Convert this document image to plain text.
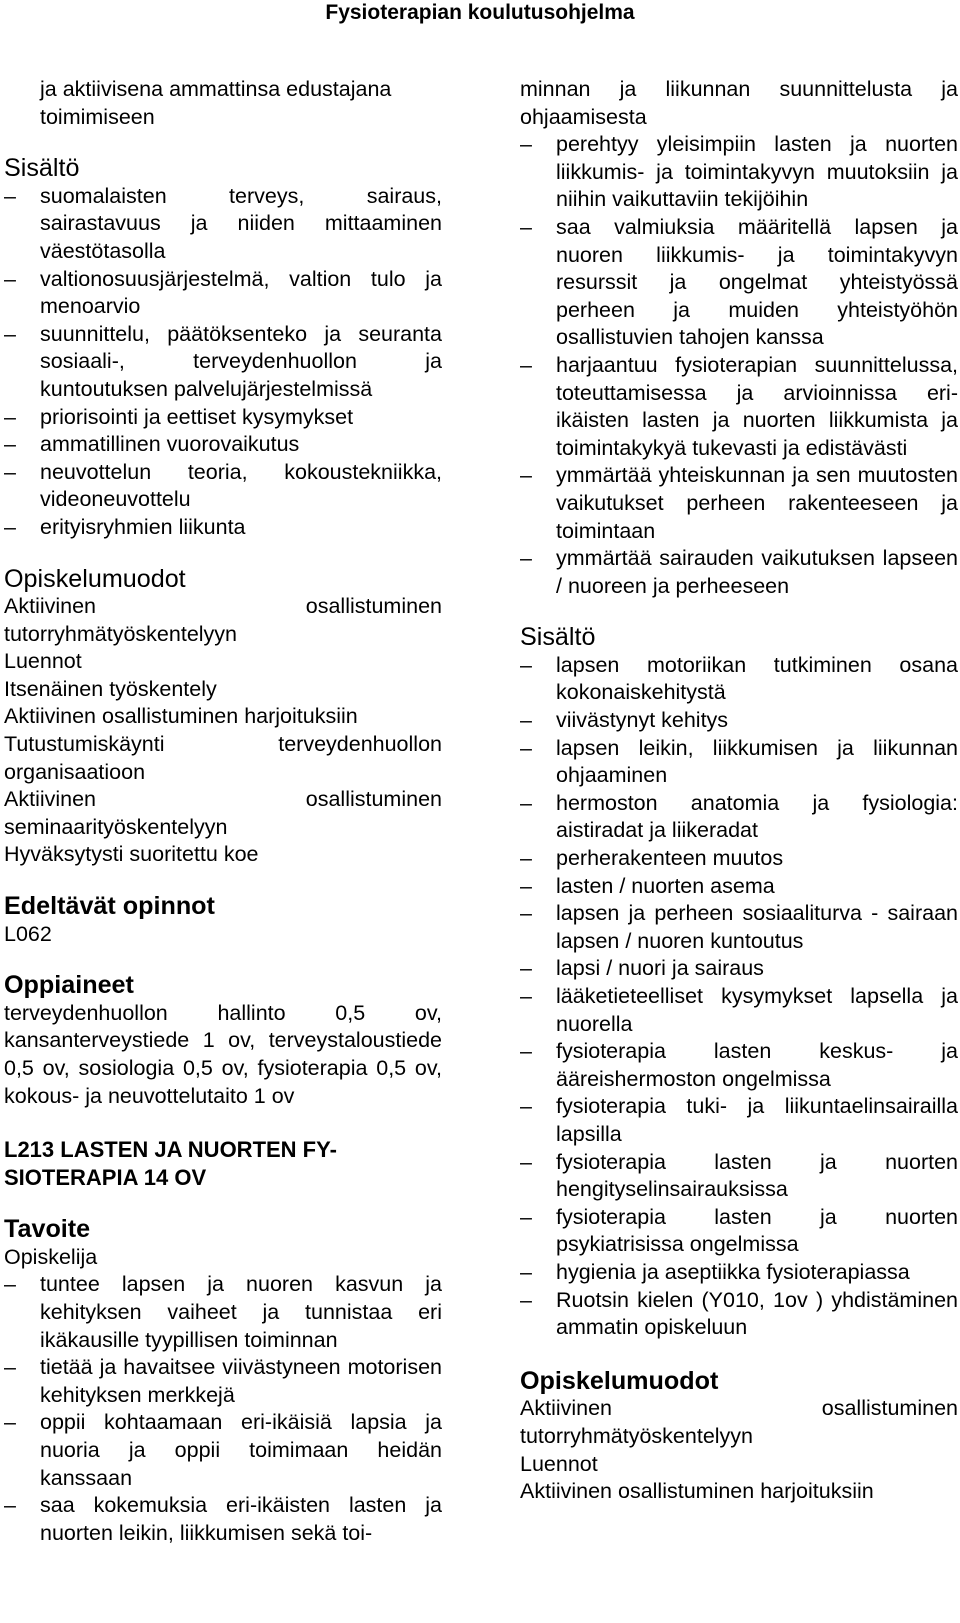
Fysioterapian koulutusohjelma
ja aktiivisena ammattinsa edustajana
toimimiseen
Sisältö
–	suomalaisten terveys, sairaus, sairastavuus ja niiden mittaaminen väestötasolla
–	valtionosuusjärjestelmä, valtion tulo ja menoarvio
–	suunnittelu, päätöksenteko ja seuranta sosiaali-, terveydenhuollon ja kuntoutuksen palvelujärjestelmissä
–	priorisointi ja eettiset kysymykset
–	ammatillinen vuorovaikutus
–	neuvottelun teoria, kokoustekniikka, videoneuvottelu
–	erityisryhmien liikunta
Opiskelumuodot

Aktiivinen osallistuminen tutorryhmätyöskentelyyn

Luennot

Itsenäinen työskentely

Aktiivinen osallistuminen harjoituksiin

Tutustumiskäynti terveydenhuollon organisaatioon

Aktiivinen osallistuminen seminaarityöskentelyyn

Hyväksytysti suoritettu koe

Edeltävät opinnot

L062

Oppiaineet

terveydenhuollon hallinto 0,5 ov, kansanterveystiede 1 ov, terveystaloustiede 0,5 ov, sosiologia 0,5 ov, fysioterapia 0,5 ov, kokous- ja neuvottelutaito 1 ov

L213 LASTEN JA NUORTEN FY-
SIOTERAPIA 14 OV
Tavoite

Opiskelija

–	tuntee lapsen ja nuoren kasvun ja kehityksen vaiheet ja tunnistaa eri ikäkausille tyypillisen toiminnan
–	tietää ja havaitsee viivästyneen motorisen kehityksen merkkejä
–	oppii kohtaamaan eri-ikäisiä lapsia ja nuoria ja oppii toimimaan heidän kanssaan
–	saa kokemuksia eri-ikäisten lasten ja nuorten leikin, liikkumisen sekä toi-

minnan ja liikunnan suunnittelusta ja ohjaamisesta

–	perehtyy yleisimpiin lasten ja nuorten liikkumis- ja toimintakyvyn muutoksiin ja niihin vaikuttaviin tekijöihin
–	saa valmiuksia määritellä lapsen ja nuoren liikkumis- ja toimintakyvyn resurssit ja ongelmat yhteistyössä perheen ja muiden yhteistyöhön osallistuvien tahojen kanssa
–	harjaantuu fysioterapian suunnittelussa, toteuttamisessa ja arvioinnissa eri-ikäisten lasten ja nuorten liikkumista ja toimintakykyä tukevasti ja edistävästi
–	ymmärtää yhteiskunnan ja sen muutosten vaikutukset perheen rakenteeseen ja toimintaan
–	ymmärtää sairauden vaikutuksen lapseen / nuoreen ja perheeseen
Sisältö
–	lapsen motoriikan tutkiminen osana kokonaiskehitystä
–	viivästynyt kehitys
–	lapsen leikin, liikkumisen ja liikunnan ohjaaminen
–	hermoston anatomia ja fysiologia: aistiradat ja liikeradat
–	perherakenteen muutos
–	lasten / nuorten asema
–	lapsen ja perheen sosiaaliturva - sairaan lapsen / nuoren kuntoutus
–	lapsi / nuori ja sairaus
–	lääketieteelliset kysymykset lapsella ja nuorella
–	fysioterapia lasten keskus- ja ääreishermoston ongelmissa
–	fysioterapia tuki- ja liikuntaelinsairailla lapsilla
–	fysioterapia lasten ja nuorten hengityselinsairauksissa
–	fysioterapia lasten ja nuorten psykiatrisissa ongelmissa
–	hygienia ja aseptiikka fysioterapiassa
–	Ruotsin kielen (Y010, 1ov ) yhdistäminen ammatin opiskeluun
Opiskelumuodot

Aktiivinen osallistuminen tutorryhmätyöskentelyyn

Luennot

Aktiivinen osallistuminen harjoituksiin
